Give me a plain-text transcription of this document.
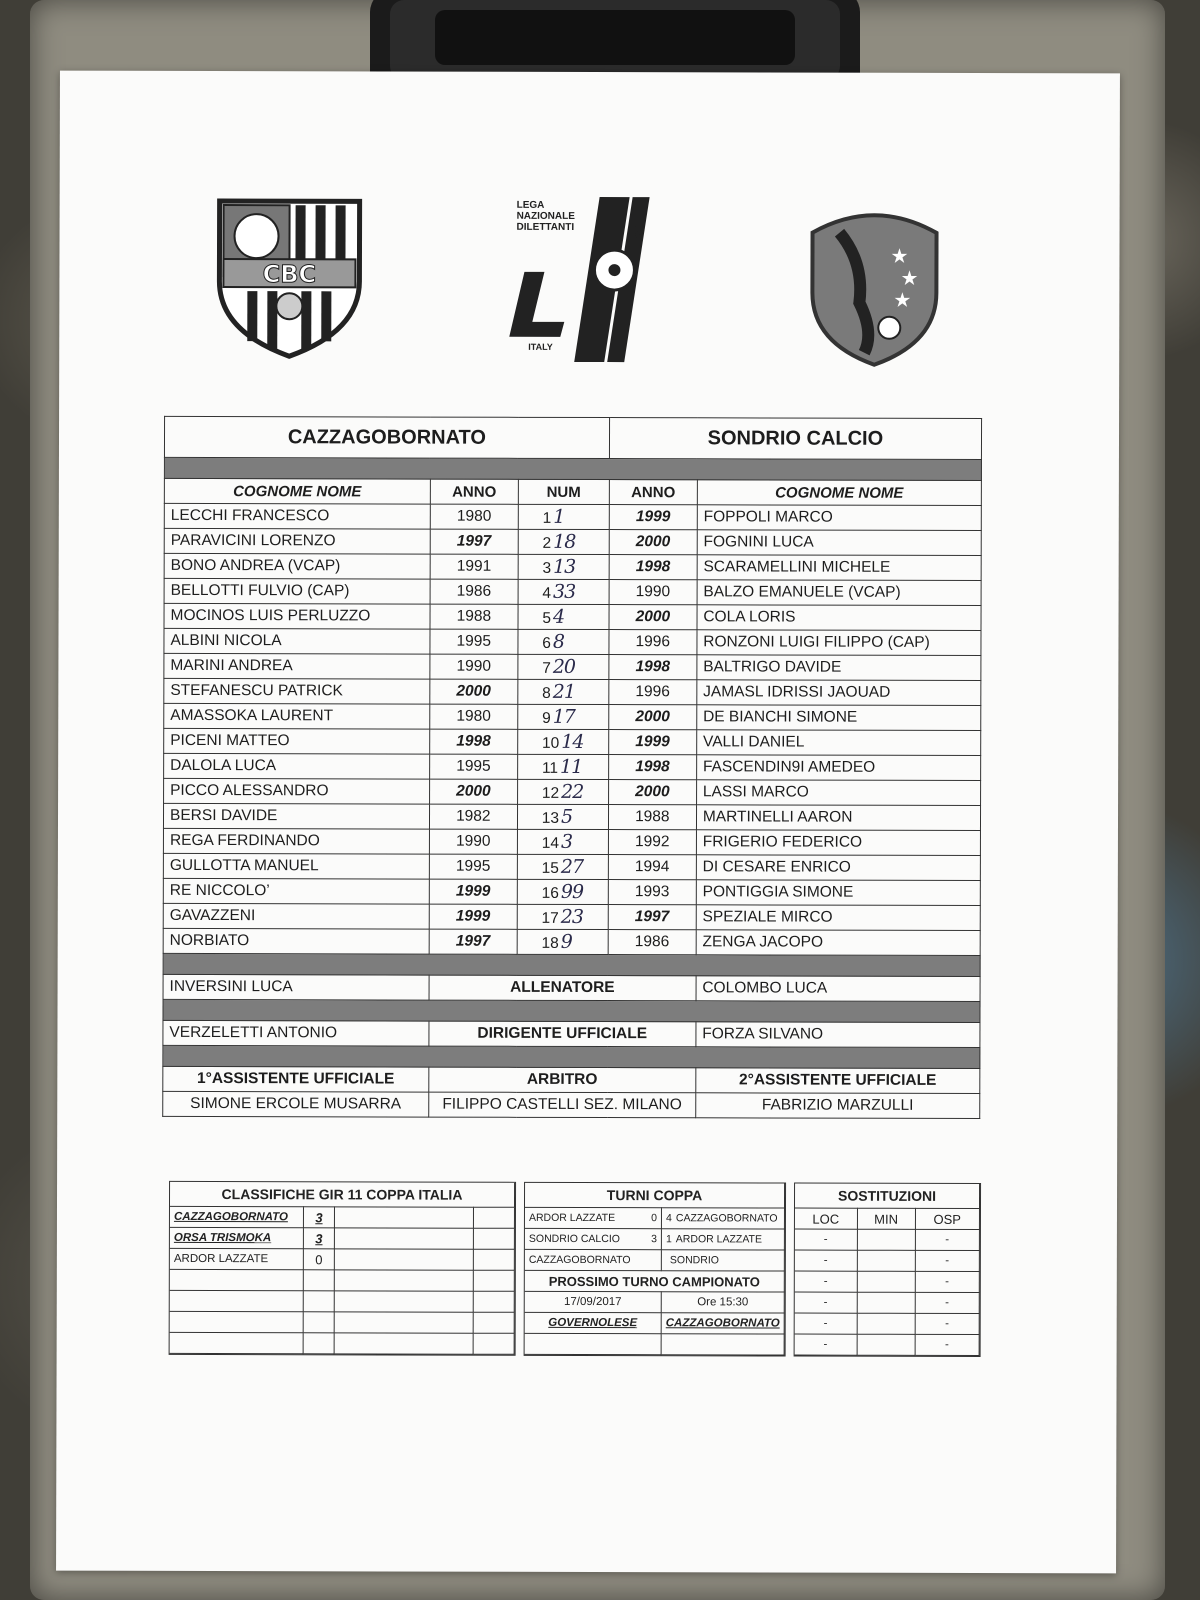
CBC
LEGA
NAZIONALE
DILETTANTI	FIGC
ITALY
★
★
★
CAZZAGOBORNATO			SONDRIO CALCIO	

COGNOME NOME	ANNO	NUM	ANNO	COGNOME NOME
LECCHI FRANCESCO	1980	1 1	1999	FOPPOLI MARCO
PARAVICINI LORENZO	1997	2 18	2000	FOGNINI LUCA
BONO ANDREA (VCAP)	1991	3 13	1998	SCARAMELLINI MICHELE
BELLOTTI FULVIO (CAP)	1986	4 33	1990	BALZO EMANUELE (VCAP)
MOCINOS LUIS PERLUZZO	1988	5 4	2000	COLA LORIS
ALBINI NICOLA	1995	6 8	1996	RONZONI LUIGI FILIPPO (CAP)
MARINI ANDREA	1990	7 20	1998	BALTRIGO DAVIDE
STEFANESCU PATRICK	2000	8 21	1996	JAMASL IDRISSI JAOUAD
AMASSOKA LAURENT	1980	9 17	2000	DE BIANCHI SIMONE
PICENI MATTEO	1998	10 14	1999	VALLI DANIEL
DALOLA LUCA	1995	11 11	1998	FASCENDIN9I AMEDEO
PICCO ALESSANDRO	2000	12 22	2000	LASSI MARCO
BERSI DAVIDE	1982	13 5	1988	MARTINELLI AARON
REGA FERDINANDO	1990	14 3	1992	FRIGERIO FEDERICO
GULLOTTA MANUEL	1995	15 27	1994	DI CESARE ENRICO
RE NICCOLO’	1999	16 99	1993	PONTIGGIA SIMONE
GAVAZZENI	1999	17 23	1997	SPEZIALE MIRCO
NORBIATO	1997	18 9	1986	ZENGA JACOPO

INVERSINI LUCA	ALLENATORE			COLOMBO LUCA

VERZELETTI ANTONIO	DIRIGENTE UFFICIALE			FORZA SILVANO

1°ASSISTENTE UFFICIALE	ARBITRO			2°ASSISTENTE UFFICIALE
SIMONE ERCOLE MUSARRA	FILIPPO CASTELLI SEZ. MILANO			FABRIZIO MARZULLI
CLASSIFICHE GIR 11 COPPA ITALIA			
CAZZAGOBORNATO	3		
ORSA TRISMOKA	3		
ARDOR LAZZATE	0		

TURNI COPPA	
ARDOR LAZZATE 0	4 CAZZAGOBORNATO
SONDRIO CALCIO 3	1 ARDOR LAZZATE
CAZZAGOBORNATO	SONDRIO
PROSSIMO TURNO CAMPIONATO	
17/09/2017	Ore 15:30
GOVERNOLESE	CAZZAGOBORNATO

SOSTITUZIONI		
LOC	MIN	OSP
-		-
-		-
-		-
-		-
-		-
-		-
